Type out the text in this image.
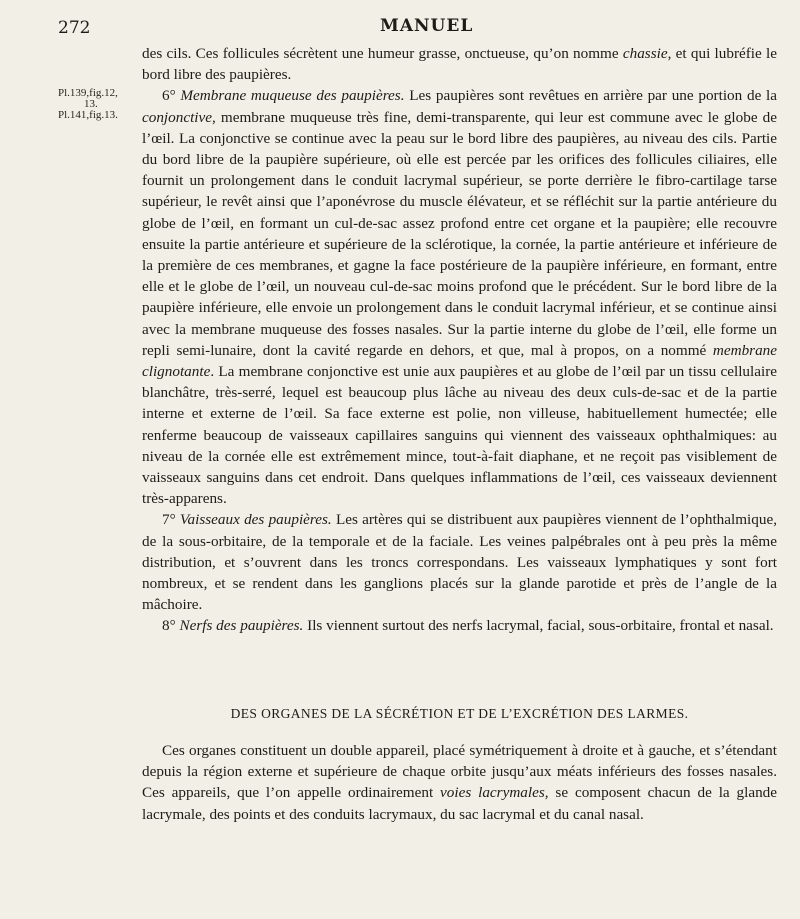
272	MANUEL
Pl.139,fig.12,
13.
Pl.141,fig.13.

des cils. Ces follicules sécrètent une humeur grasse, onctueuse, qu’on nomme chassie, et qui lubréfie le bord libre des paupières.

6° Membrane muqueuse des paupières. Les paupières sont revêtues en arrière par une portion de la conjonctive, membrane muqueuse très fine, demi-transparente, qui leur est commune avec le globe de l’œil. La conjonctive se continue avec la peau sur le bord libre des paupières, au niveau des cils. Partie du bord libre de la paupière supérieure, où elle est percée par les orifices des follicules ciliaires, elle fournit un prolongement dans le conduit lacrymal supérieur, se porte derrière le fibro-cartilage tarse supérieur, le revêt ainsi que l’aponévrose du muscle élévateur, et se réfléchit sur la partie antérieure du globe de l’œil, en formant un cul-de-sac assez profond entre cet organe et la paupière; elle recouvre ensuite la partie antérieure et supérieure de la sclérotique, la cornée, la partie antérieure et inférieure de la première de ces membranes, et gagne la face postérieure de la paupière inférieure, en formant, entre elle et le globe de l’œil, un nouveau cul-de-sac moins profond que le précédent. Sur le bord libre de la paupière inférieure, elle envoie un prolongement dans le conduit lacrymal inférieur, et se continue ainsi avec la membrane muqueuse des fosses nasales. Sur la partie interne du globe de l’œil, elle forme un repli semi-lunaire, dont la cavité regarde en dehors, et que, mal à propos, on a nommé membrane clignotante. La membrane conjonctive est unie aux paupières et au globe de l’œil par un tissu cellulaire blanchâtre, très-serré, lequel est beaucoup plus lâche au niveau des deux culs-de-sac et de la partie interne et externe de l’œil. Sa face externe est polie, non villeuse, habituellement humectée; elle renferme beaucoup de vaisseaux capillaires sanguins qui viennent des vaisseaux ophthalmiques: au niveau de la cornée elle est extrêmement mince, tout-à-fait diaphane, et ne reçoit pas visiblement de vaisseaux sanguins dans cet endroit. Dans quelques inflammations de l’œil, ces vaisseaux deviennent très-apparens.

7° Vaisseaux des paupières. Les artères qui se distribuent aux paupières viennent de l’ophthalmique, de la sous-orbitaire, de la temporale et de la faciale. Les veines palpébrales ont à peu près la même distribution, et s’ouvrent dans les troncs correspondans. Les vaisseaux lymphatiques y sont fort nombreux, et se rendent dans les ganglions placés sur la glande parotide et près de l’angle de la mâchoire.

8° Nerfs des paupières. Ils viennent surtout des nerfs lacrymal, facial, sous-orbitaire, frontal et nasal.

DES ORGANES DE LA SÉCRÉTION ET DE L’EXCRÉTION DES LARMES.

Ces organes constituent un double appareil, placé symétriquement à droite et à gauche, et s’étendant depuis la région externe et supérieure de chaque orbite jusqu’aux méats inférieurs des fosses nasales. Ces appareils, que l’on appelle ordinairement voies lacrymales, se composent chacun de la glande lacrymale, des points et des conduits lacrymaux, du sac lacrymal et du canal nasal.
